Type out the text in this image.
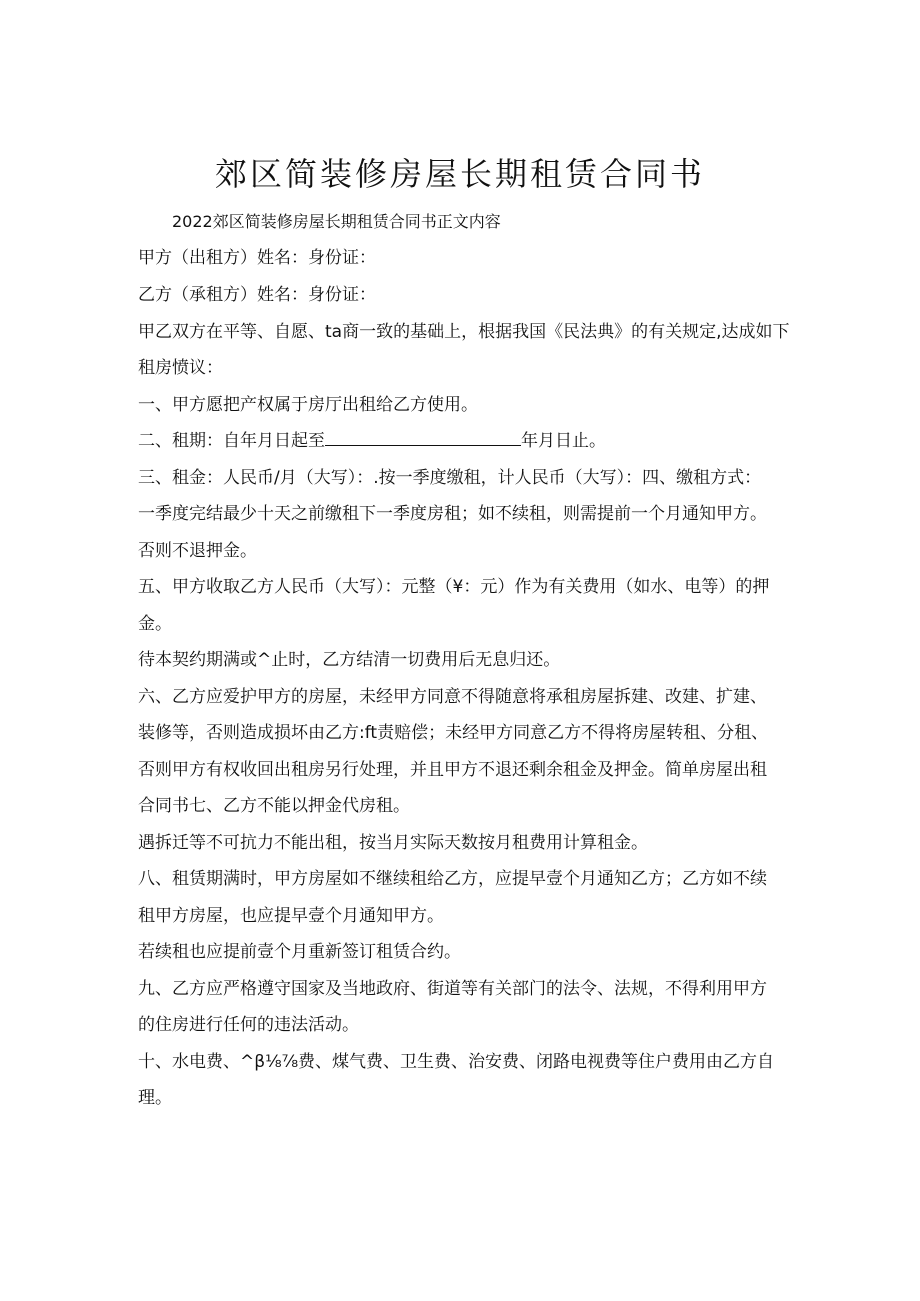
郊区简装修房屋长期租赁合同书
2022郊区简装修房屋长期租赁合同书正文内容
甲方（出租方）姓名：身份证：
乙方（承租方）姓名：身份证：
甲乙双方在平等、自愿、ta商一致的基础上，根据我国《民法典》的有关规定,达成如下
租房愤议：
一、甲方愿把产权属于房厅出租给乙方使用。
二、租期：自年月日起至	年月日止。
三、租金：人民币/月（大写）：.按一季度缴租，计人民币（大写）：四、缴租方式：
一季度完结最少十天之前缴租下一季度房租；如不续租，则需提前一个月通知甲方。
否则不退押金。
五、甲方收取乙方人民币（大写）：元整（¥：元）作为有关费用（如水、电等）的押
金。
待本契约期满或^止时，乙方结清一切费用后无息归还。
六、乙方应爱护甲方的房屋，未经甲方同意不得随意将承租房屋拆建、改建、扩建、
装修等，否则造成损坏由乙方:ft责赔偿；未经甲方同意乙方不得将房屋转租、分租、
否则甲方有权收回出租房另行处理，并且甲方不退还剩余租金及押金。简单房屋出租
合同书七、乙方不能以押金代房租。
遇拆迁等不可抗力不能出租，按当月实际天数按月租费用计算租金。
八、租赁期满时，甲方房屋如不继续租给乙方，应提早壹个月通知乙方；乙方如不续
租甲方房屋，也应提早壹个月通知甲方。
若续租也应提前壹个月重新签订租赁合约。
九、乙方应严格遵守国家及当地政府、街道等有关部门的法令、法规，不得利用甲方
的住房进行任何的违法活动。
十、水电费、^β⅛⅞费、煤气费、卫生费、治安费、闭路电视费等住户费用由乙方自
理。
